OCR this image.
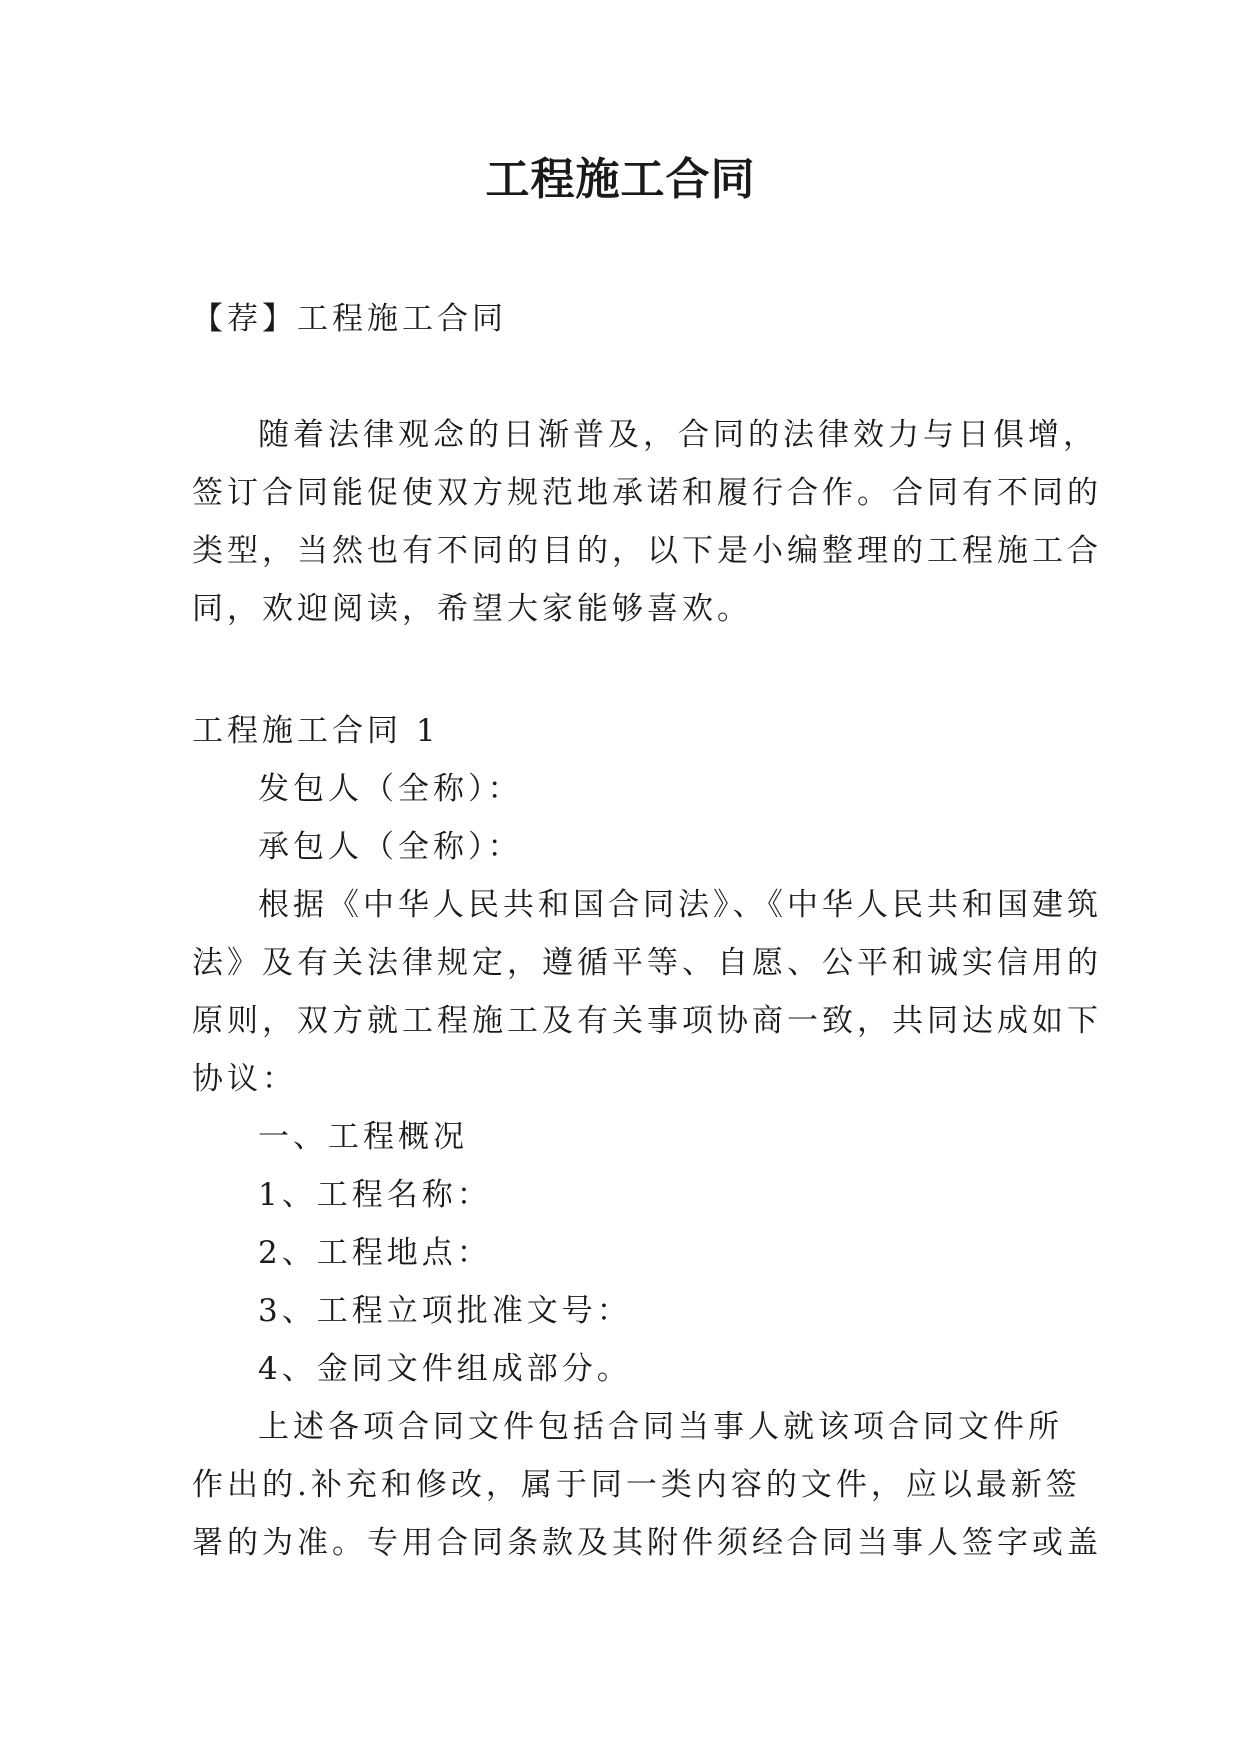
工程施工合同
【荐】工程施工合同
随着法律观念的日渐普及，合同的法律效力与日俱增，
签订合同能促使双方规范地承诺和履行合作。合同有不同的
类型，当然也有不同的目的，以下是小编整理的工程施工合
同，欢迎阅读，希望大家能够喜欢。
工程施工合同 1
发包人（全称）：
承包人（全称）：
根据《中华人民共和国合同法》、《中华人民共和国建筑
法》及有关法律规定，遵循平等、自愿、公平和诚实信用的
原则，双方就工程施工及有关事项协商一致，共同达成如下
协议：
一、工程概况
1、工程名称：
2、工程地点：
3、工程立项批准文号：
4、金同文件组成部分。
上述各项合同文件包括合同当事人就该项合同文件所
作出的.补充和修改，属于同一类内容的文件，应以最新签
署的为准。专用合同条款及其附件须经合同当事人签字或盖
